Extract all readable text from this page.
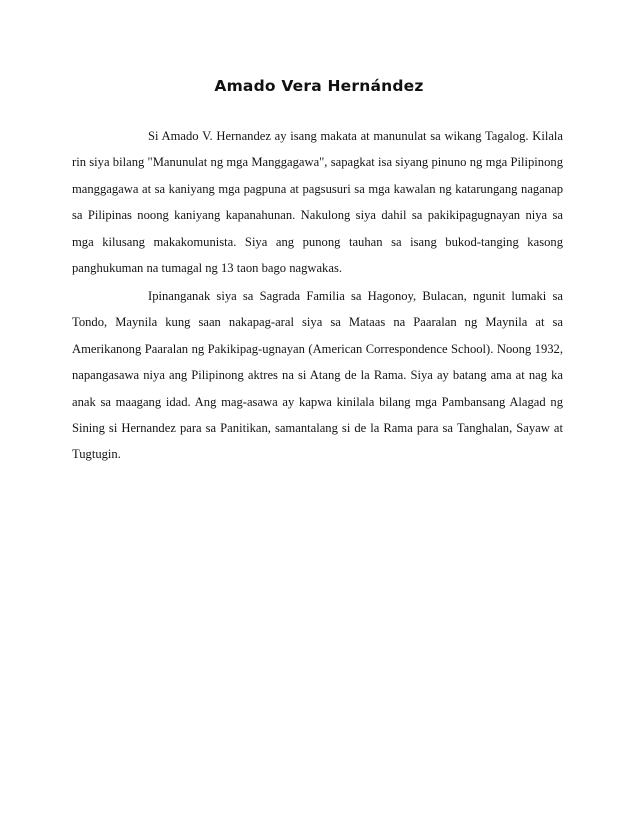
Amado Vera Hernández

Si Amado V. Hernandez ay isang makata at manunulat sa wikang Tagalog. Kilala rin siya bilang "Manunulat ng mga Manggagawa", sapagkat isa siyang pinuno ng mga Pilipinong manggagawa at sa kaniyang mga pagpuna at pagsusuri sa mga kawalan ng katarungang naganap sa Pilipinas noong kaniyang kapanahunan. Nakulong siya dahil sa pakikipagugnayan niya sa mga kilusang makakomunista. Siya ang punong tauhan sa isang bukod-tanging kasong panghukuman na tumagal ng 13 taon bago nagwakas.

Ipinanganak siya sa Sagrada Familia sa Hagonoy, Bulacan, ngunit lumaki sa Tondo, Maynila kung saan nakapag-aral siya sa Mataas na Paaralan ng Maynila at sa Amerikanong Paaralan ng Pakikipag-ugnayan (American Correspondence School). Noong 1932, napangasawa niya ang Pilipinong aktres na si Atang de la Rama. Siya ay batang ama at nag ka anak sa maagang idad. Ang mag-asawa ay kapwa kinilala bilang mga Pambansang Alagad ng Sining si Hernandez para sa Panitikan, samantalang si de la Rama para sa Tanghalan, Sayaw at Tugtugin.
